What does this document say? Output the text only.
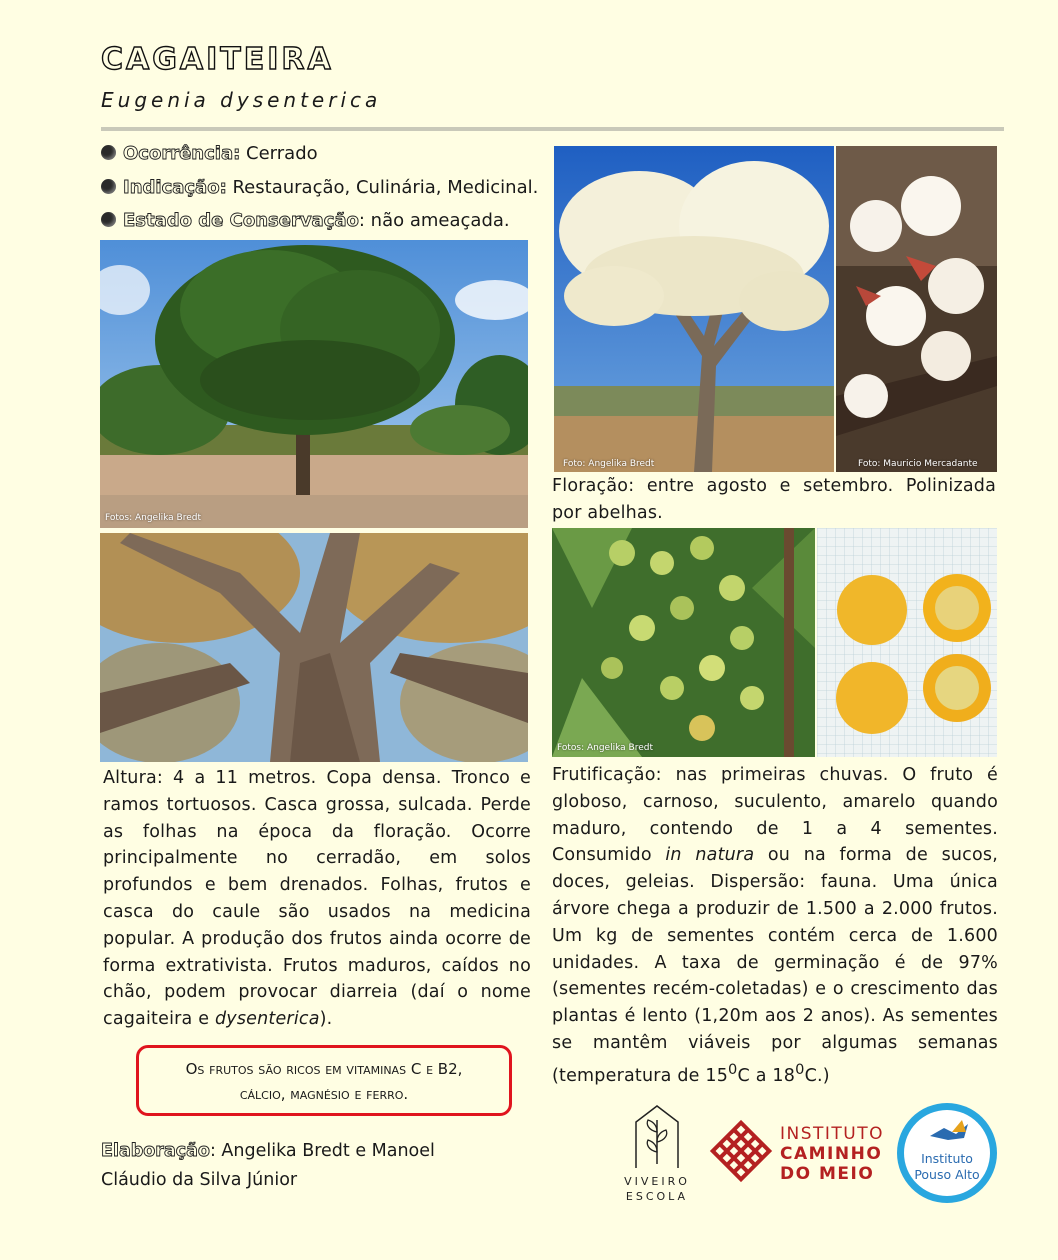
CAGAITEIRA
Eugenia dysenterica
Ocorrência: Cerrado
Indicação: Restauração, Culinária, Medicinal.
Estado de Conservação: não ameaçada.
Fotos: Angelika Bredt
Foto: Angelika Bredt	Foto: Mauricio Mercadante
Fotos: Angelika Bredt
Floração: entre agosto e setembro. Polinizada por abelhas.
Altura: 4 a 11 metros. Copa densa. Tronco e ramos tortuosos. Casca grossa, sulcada. Perde as folhas na época da floração. Ocorre principalmente no cerradão, em solos profundos e bem drenados. Folhas, frutos e casca do caule são usados na medicina popular. A produção dos frutos ainda ocorre de forma extrativista. Frutos maduros, caídos no chão, podem provocar diarreia (daí o nome cagaiteira e dysenterica).
Frutificação: nas primeiras chuvas. O fruto é globoso, carnoso, suculento, amarelo quando maduro, contendo de 1 a 4 sementes. Consumido in natura ou na forma de sucos, doces, geleias. Dispersão: fauna. Uma única árvore chega a produzir de 1.500 a 2.000 frutos. Um kg de sementes contém cerca de 1.600 unidades. A taxa de germinação é de 97% (sementes recém-coletadas) e o crescimento das plantas é lento (1,20m aos 2 anos). As sementes se mantêm viáveis por algumas semanas (temperatura de $15^0C$ a $18^0C$.)
Os frutos são ricos em vitaminas C e B2,
cálcio, magnésio e ferro.
Elaboração: Angelika Bredt e Manoel Cláudio da Silva Júnior	VIVEIRO
ESCOLA
INSTITUTO
CAMINHO
DO MEIO
Instituto
Pouso Alto
